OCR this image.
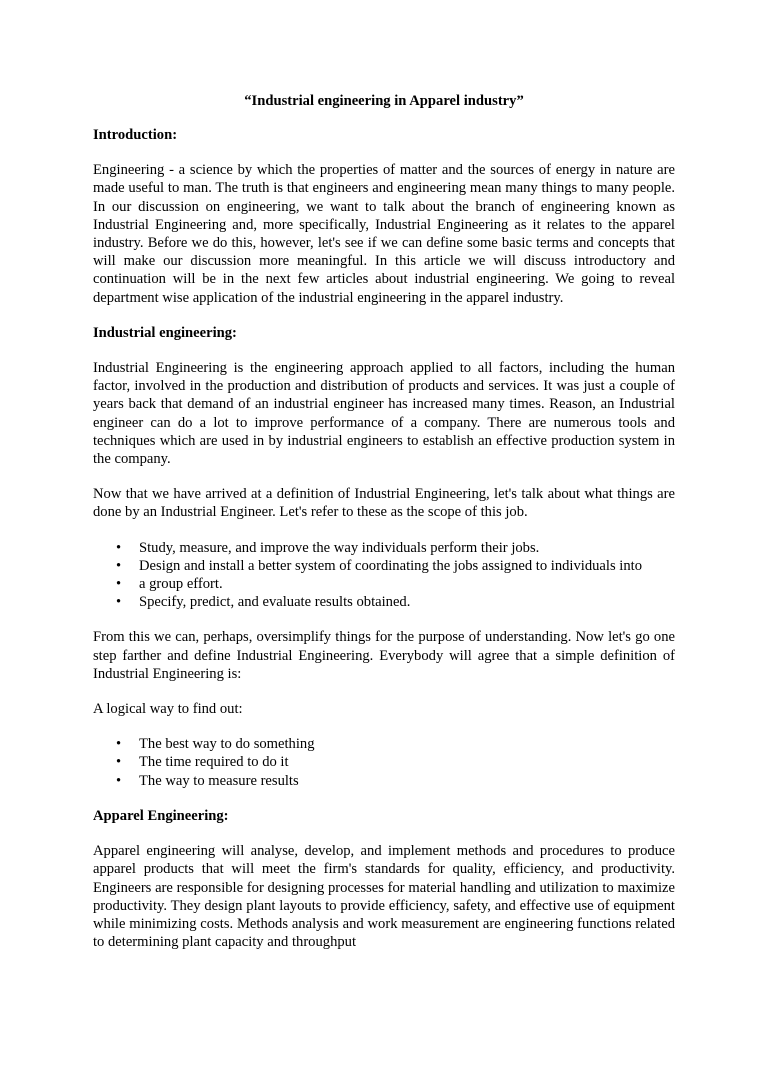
“Industrial engineering in Apparel industry”
Introduction:
Engineering - a science by which the properties of matter and the sources of energy in nature are made useful to man. The truth is that engineers and engineering mean many things to many people. In our discussion on engineering, we want to talk about the branch of engineering known as Industrial Engineering and, more specifically, Industrial Engineering as it relates to the apparel industry. Before we do this, however, let's see if we can define some basic terms and concepts that will make our discussion more meaningful. In this article we will discuss introductory and continuation will be in the next few articles about industrial engineering. We going to reveal department wise application of the industrial engineering in the apparel industry.
Industrial engineering:
Industrial Engineering is the engineering approach applied to all factors, including the human factor, involved in the production and distribution of products and services. It was just a couple of years back that demand of an industrial engineer has increased many times. Reason, an Industrial engineer can do a lot to improve performance of a company. There are numerous tools and techniques which are used in by industrial engineers to establish an effective production system in the company.
Now that we have arrived at a definition of Industrial Engineering, let's talk about what things are done by an Industrial Engineer. Let's refer to these as the scope of this job.
• Study, measure, and improve the way individuals perform their jobs.
• Design and install a better system of coordinating the jobs assigned to individuals into
• a group effort.
• Specify, predict, and evaluate results obtained.
From this we can, perhaps, oversimplify things for the purpose of understanding. Now let's go one step farther and define Industrial Engineering. Everybody will agree that a simple definition of Industrial Engineering is:
A logical way to find out:
• The best way to do something
• The time required to do it
• The way to measure results
Apparel Engineering:
Apparel engineering will analyse, develop, and implement methods and procedures to produce apparel products that will meet the firm's standards for quality, efficiency, and productivity. Engineers are responsible for designing processes for material handling and utilization to maximize productivity. They design plant layouts to provide efficiency, safety, and effective use of equipment while minimizing costs. Methods analysis and work measurement are engineering functions related to determining plant capacity and throughput
